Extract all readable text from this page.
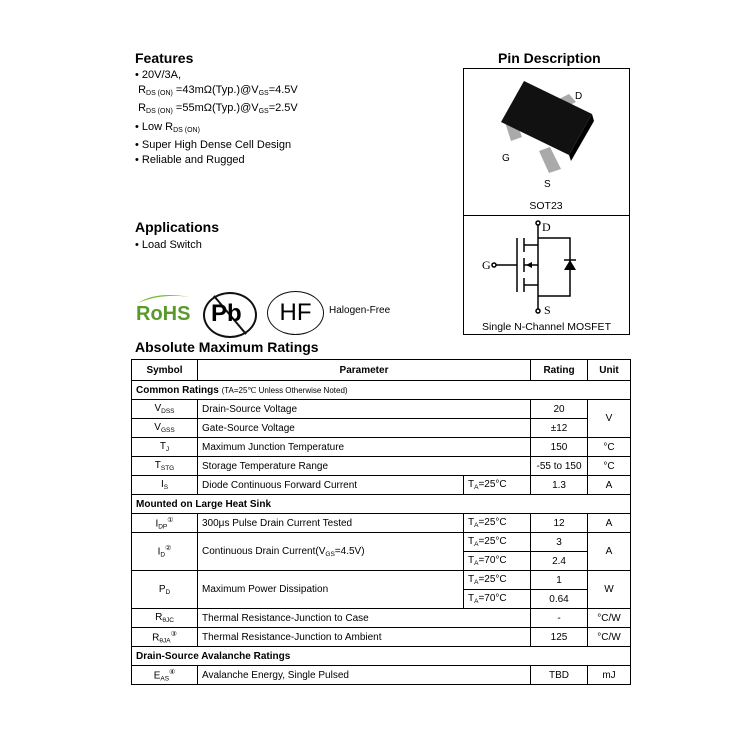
Features
• 20V/3A,
$R_{DS (ON)}$ $=43m\Omega(Typ.)@V_{GS}=4.5V$
$R_{DS (ON)}$ $=55m\Omega(Typ.)@V_{GS}=2.5V$
• Low $R_{DS (ON)}$
• Super High Dense Cell Design
• Reliable and Rugged
Applications
• Load Switch
Pin Description
D
G
S
SOT23
D
G
S
Single N-Channel MOSFET
RoHS Pb	HF	Halogen-Free
Absolute Maximum Ratings
Symbol	Parameter		Rating	Unit
Common Ratings (TA=25℃ Unless Otherwise Noted)				
$V_{DSS}$	Drain-Source Voltage		20	V
$V_{GSS}$	Gate-Source Voltage		±12	
$T_J$	Maximum Junction Temperature		150	°C
$T_{STG}$	Storage Temperature Range		-55 to 150	°C
$I_S$	Diode Continuous Forward Current	$T_A=25^\circ C$	1.3	A
Mounted on Large Heat Sink				
$I_{DP}^①$	300μs Pulse Drain Current Tested	$T_A=25^\circ C$	12	A
$I_D^②$	Continuous Drain $Current(V_{GS}=4.5V)$	$T_A=25^\circ C$	3	A
		$T_A=70^\circ C$	2.4	
$P_D$	Maximum Power Dissipation	$T_A=25^\circ C$	1	W
		$T_A=70^\circ C$	0.64	
$R_{\theta JC}$	Thermal Resistance-Junction to Case		-	°C/W
$R_{\theta JA}^③$	Thermal Resistance-Junction to Ambient		125	°C/W
Drain-Source Avalanche Ratings				
$E_{AS}^④$	Avalanche Energy, Single Pulsed		TBD	mJ
